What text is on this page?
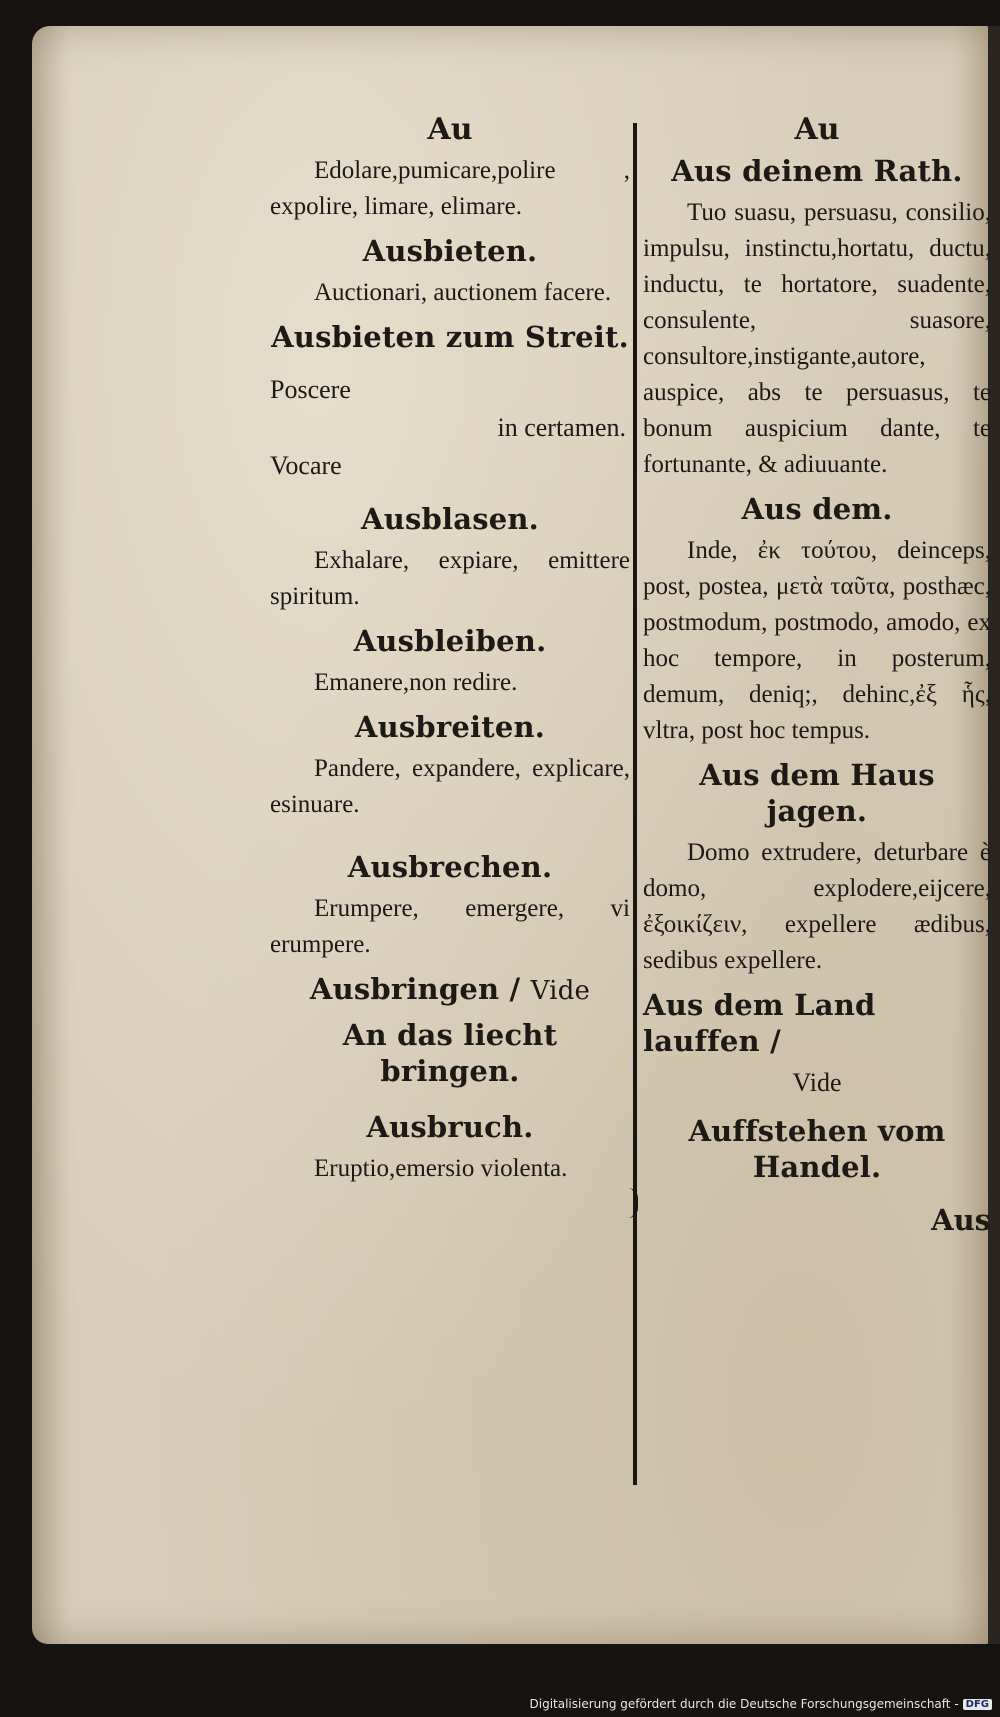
Au

Edolare,pumicare,polire , expolire, limare, elimare.

Ausbieten.

Auctionari, auctionem facere.

Ausbieten zum Streit.
Poscere
in certamen.
Vocare
Ausblasen.

Exhalare, expiare, emittere spiritum.

Ausbleiben.

Emanere,non redire.

Ausbreiten.

Pandere, expandere, explicare, esinuare.

Ausbrechen.

Erumpere, emergere, vi erumpere.

Ausbringen / Vide
An das liecht bringen.
Ausbruch.

Eruptio,emersio violenta.

Au
Aus deinem Rath.

Tuo suasu, persuasu, consilio, impulsu, instinctu,hortatu, ductu, inductu, te hortatore, suadente, consulente, suasore, consultore,instigante,autore, auspice, abs te persuasus, te bonum auspicium dante, te fortunante, & adiuuante.

Aus dem.

Inde, ἐκ τούτου, deinceps, post, postea, μετὰ ταῦτα, posthæc, postmodum, postmodo, amodo, ex hoc tempore, in posterum, demum, deniq;, dehinc,ἐξ ἧς, vltra, post hoc tempus.

Aus dem Haus jagen.

Domo extrudere, deturbare è domo, explodere,eijcere, ἐξοικίζειν, expellere ædibus, sedibus expellere.

Aus dem Land lauffen /
Vide
Auffstehen vom Handel.
Aus
Digitalisierung gefördert durch die Deutsche Forschungsgemeinschaft - DFG
